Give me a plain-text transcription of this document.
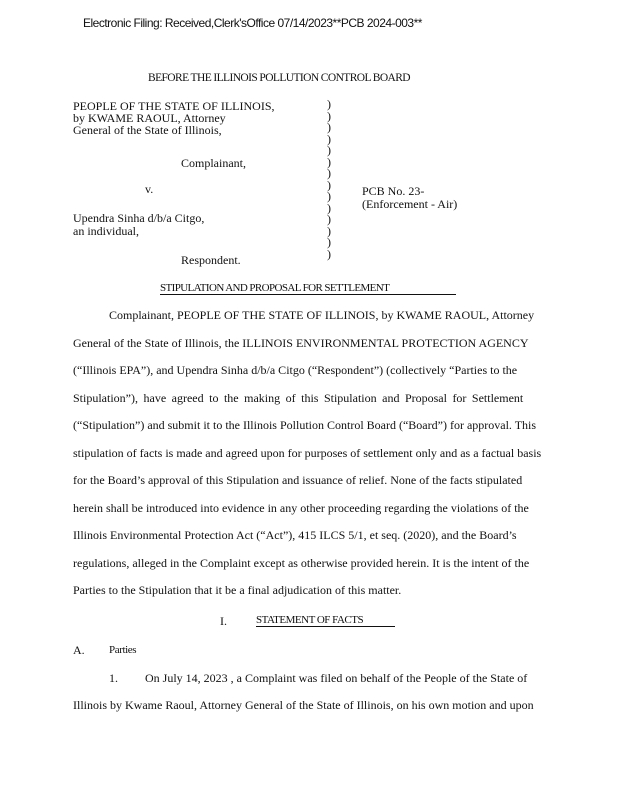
Electronic Filing: Received,Clerk'sOffice 07/14/2023**PCB 2024-003**
BEFORE THE ILLINOIS POLLUTION CONTROL BOARD
PEOPLE OF THE STATE OF ILLINOIS,
by KWAME RAOUL, Attorney
General of the State of Illinois,
Complainant,
v.
Upendra Sinha d/b/a Citgo,
an individual,
Respondent.
)
)
)
)
)
)
)
)
)
)
)
)
)
)
PCB No. 23-
(Enforcement - Air)
STIPULATION AND PROPOSAL FOR SETTLEMENT
Complainant, PEOPLE OF THE STATE OF ILLINOIS, by KWAME RAOUL, Attorney
General of the State of Illinois, the ILLINOIS ENVIRONMENTAL PROTECTION AGENCY
(“Illinois EPA”), and Upendra Sinha d/b/a Citgo (“Respondent”) (collectively “Parties to the
Stipulation”), have agreed to the making of this Stipulation and Proposal for Settlement
(“Stipulation”) and submit it to the Illinois Pollution Control Board (“Board”) for approval. This
stipulation of facts is made and agreed upon for purposes of settlement only and as a factual basis
for the Board’s approval of this Stipulation and issuance of relief. None of the facts stipulated
herein shall be introduced into evidence in any other proceeding regarding the violations of the
Illinois Environmental Protection Act (“Act”), 415 ILCS 5/1, et seq. (2020), and the Board’s
regulations, alleged in the Complaint except as otherwise provided herein. It is the intent of the
Parties to the Stipulation that it be a final adjudication of this matter.
I.	STATEMENT OF FACTS
A. Parties
1. On July 14, 2023 , a Complaint was filed on behalf of the People of the State of
Illinois by Kwame Raoul, Attorney General of the State of Illinois, on his own motion and upon
